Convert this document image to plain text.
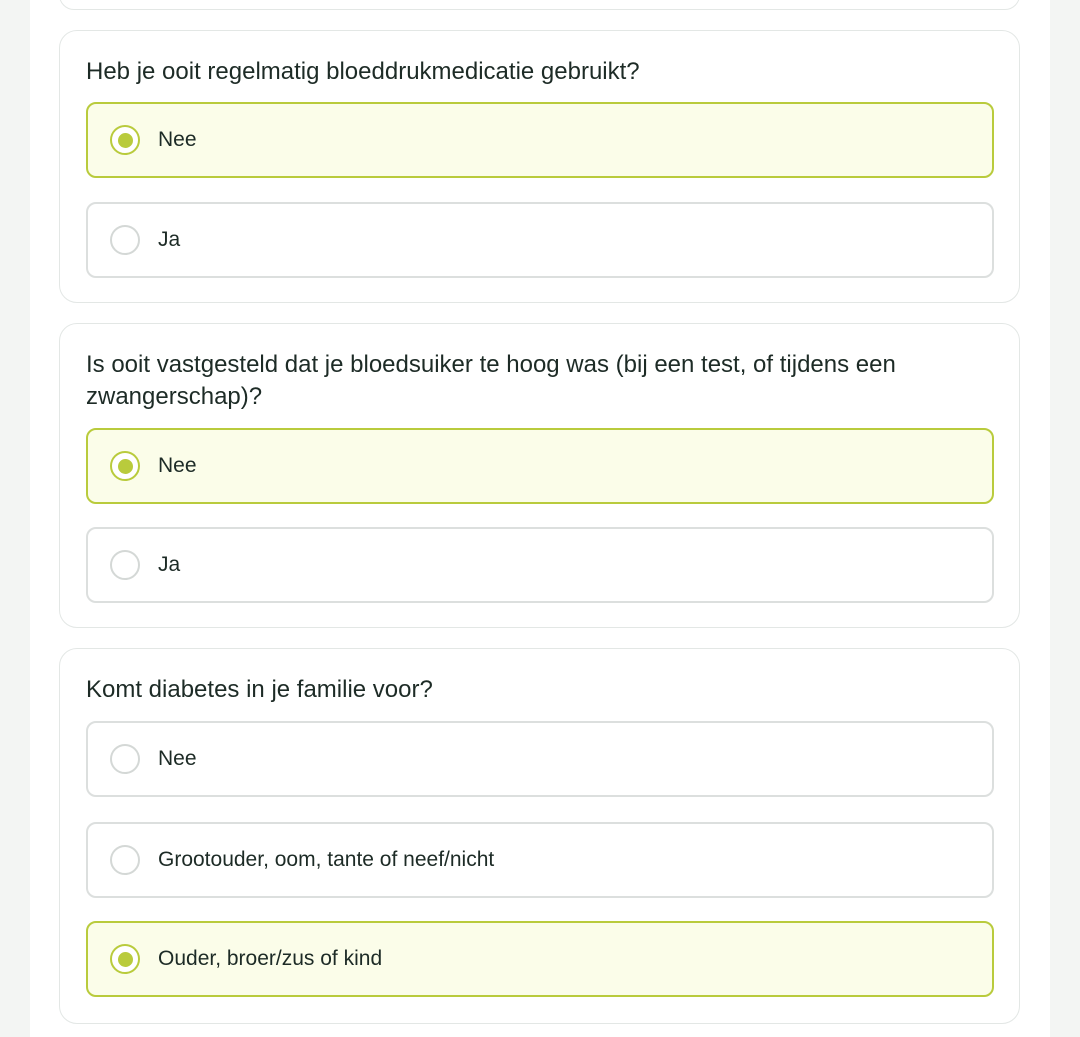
Heb je ooit regelmatig bloeddrukmedicatie gebruikt?
Nee
Ja
Is ooit vastgesteld dat je bloedsuiker te hoog was (bij een test, of tijdens een zwangerschap)?
Nee
Ja
Komt diabetes in je familie voor?
Nee
Grootouder, oom, tante of neef/nicht
Ouder, broer/zus of kind
